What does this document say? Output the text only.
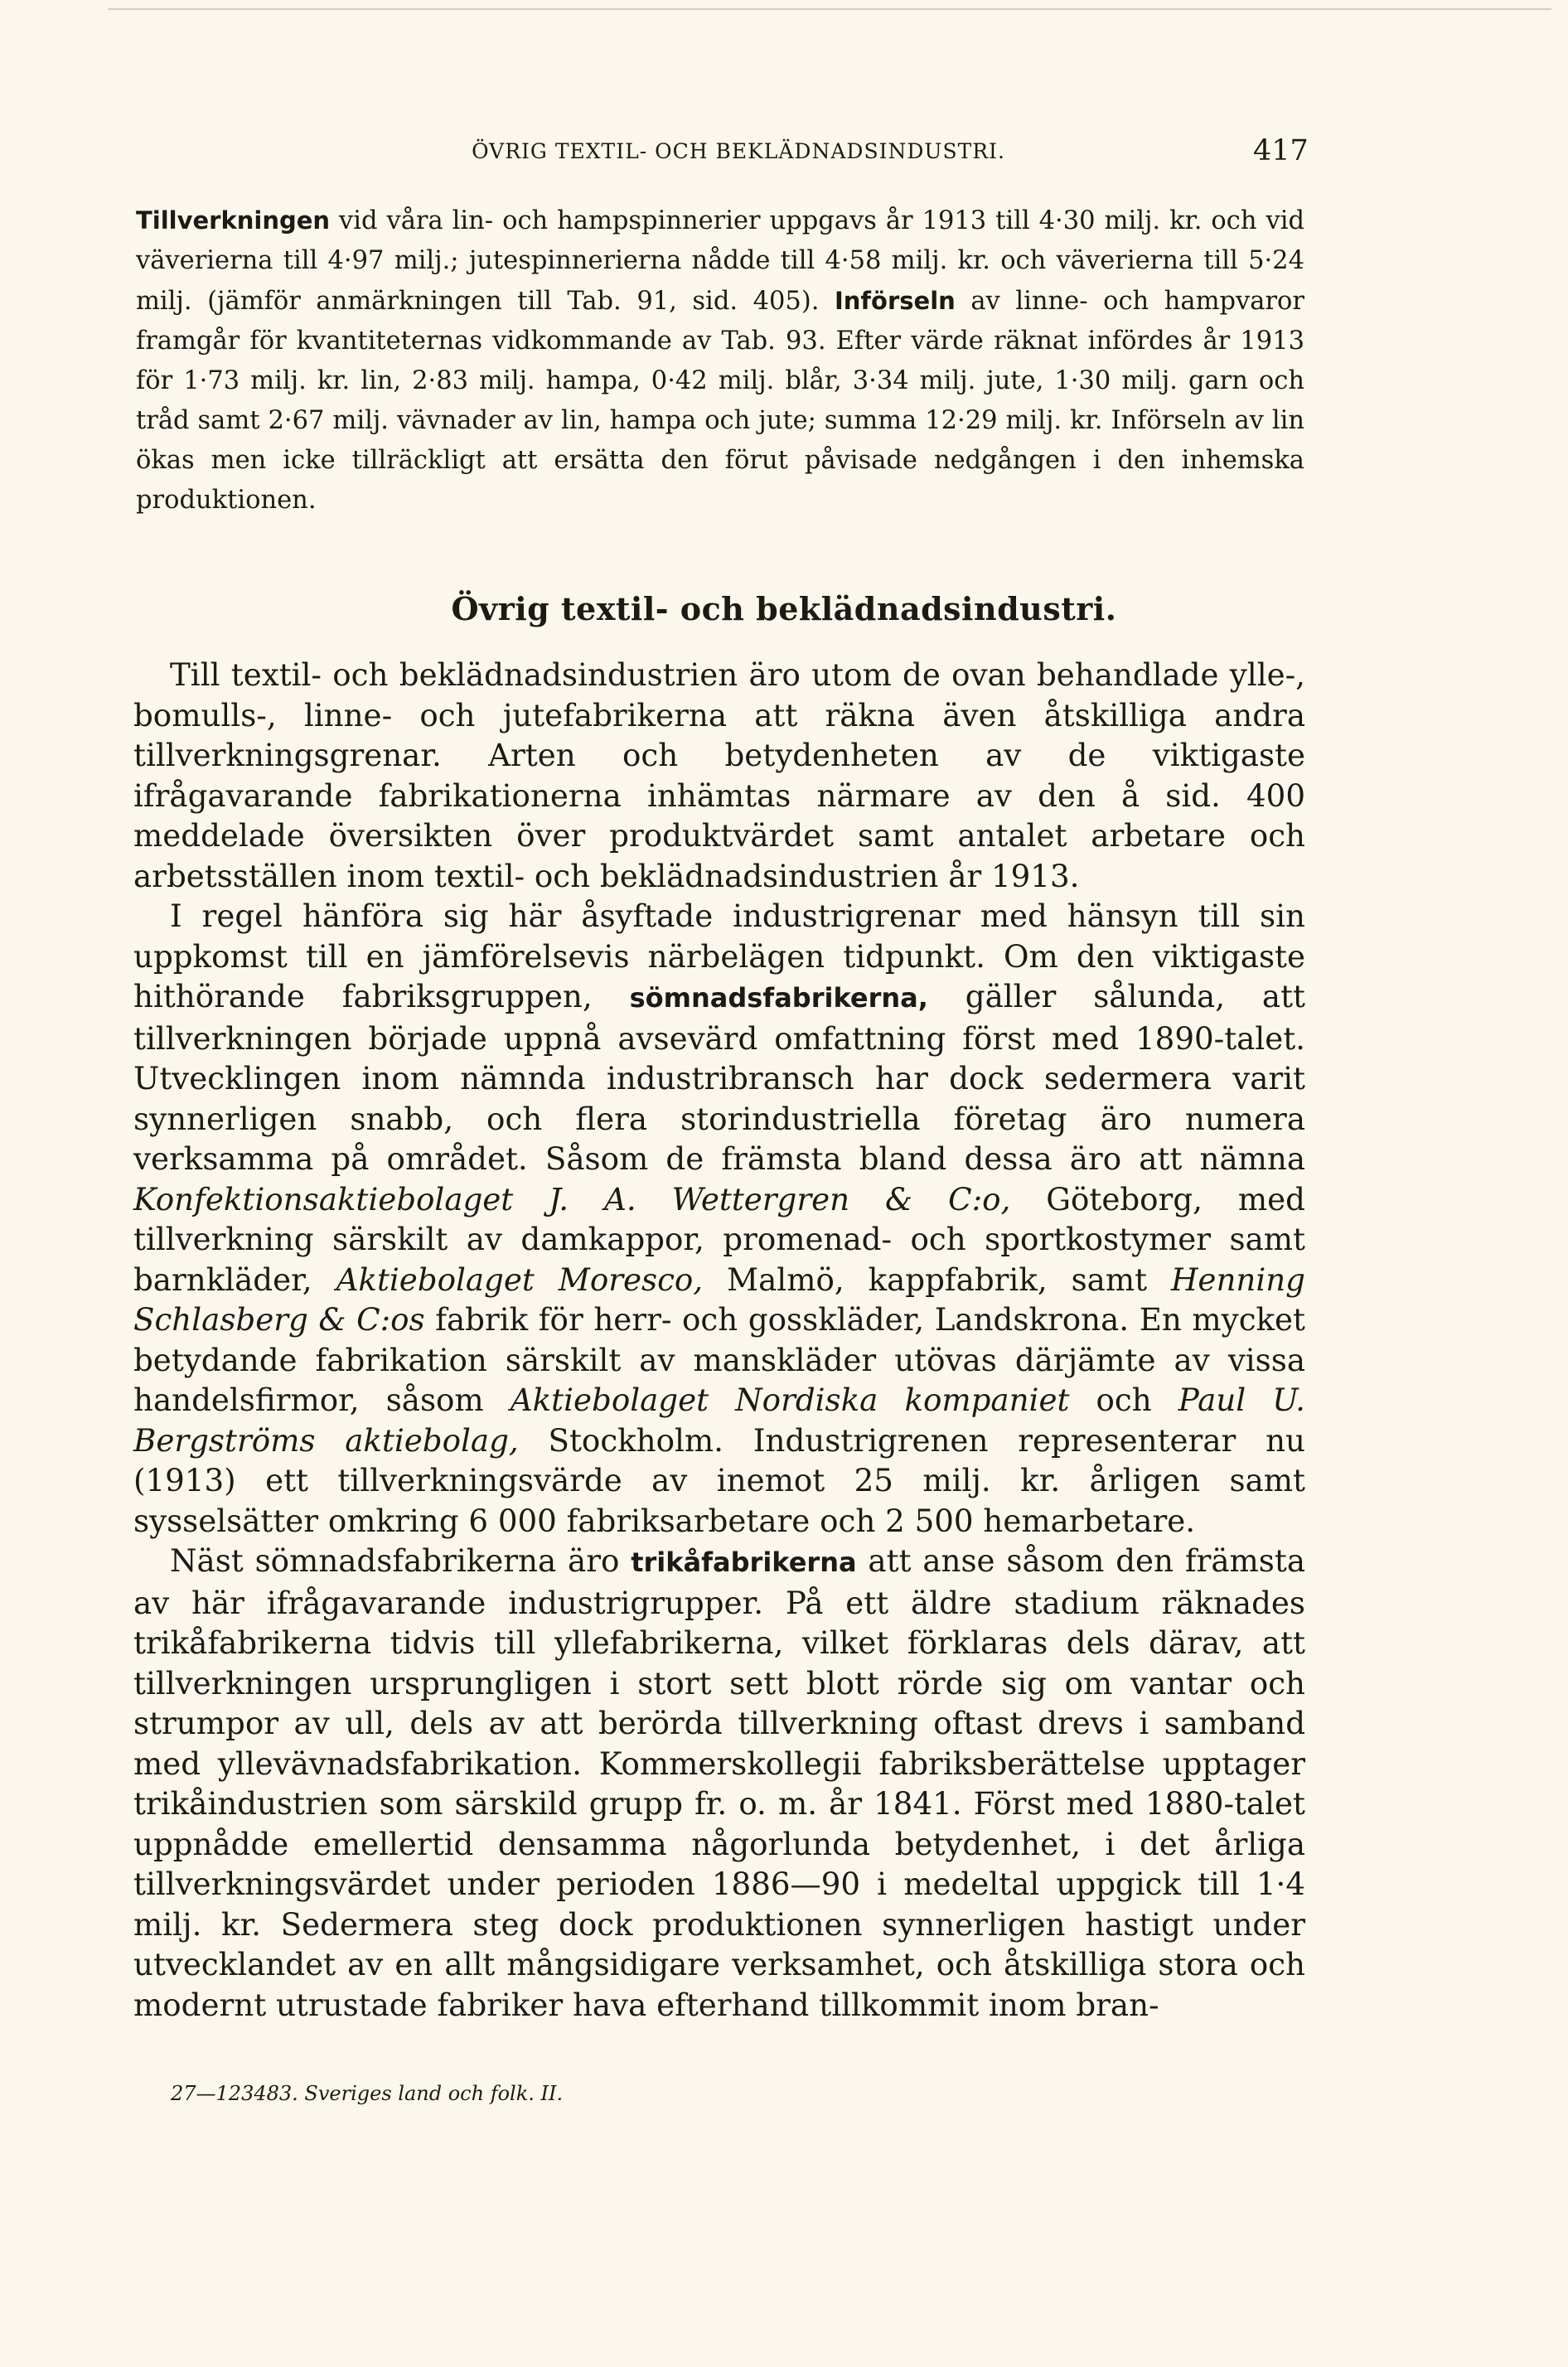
ÖVRIG TEXTIL- OCH BEKLÄDNADSINDUSTRI.	417

Tillverkningen vid våra lin- och hampspinnerier uppgavs år 1913 till 4·30 milj. kr. och vid väverierna till 4·97 milj.; jutespinnerierna nådde till 4·58 milj. kr. och väverierna till 5·24 milj. (jämför anmärkningen till Tab. 91, sid. 405). Införseln av linne- och hampvaror framgår för kvantiteternas vidkommande av Tab. 93. Efter värde räknat infördes år 1913 för 1·73 milj. kr. lin, 2·83 milj. hampa, 0·42 milj. blår, 3·34 milj. jute, 1·30 milj. garn och tråd samt 2·67 milj. vävnader av lin, hampa och jute; summa 12·29 milj. kr. Införseln av lin ökas men icke tillräckligt att ersätta den förut påvisade nedgången i den inhemska produktionen.

Övrig textil- och beklädnadsindustri.

Till textil- och beklädnadsindustrien äro utom de ovan behandlade ylle-, bomulls-, linne- och jutefabrikerna att räkna även åtskilliga andra tillverkningsgrenar. Arten och betydenheten av de viktigaste ifrågavarande fabrikationerna inhämtas närmare av den å sid. 400 meddelade översikten över produktvärdet samt antalet arbetare och arbetsställen inom textil- och beklädnadsindustrien år 1913.

I regel hänföra sig här åsyftade industrigrenar med hänsyn till sin uppkomst till en jämförelsevis närbelägen tidpunkt. Om den viktigaste hithörande fabriksgruppen, sömnadsfabrikerna, gäller sålunda, att tillverkningen började uppnå avsevärd omfattning först med 1890-talet. Utvecklingen inom nämnda industribransch har dock sedermera varit synnerligen snabb, och flera storindustriella företag äro numera verksamma på området. Såsom de främsta bland dessa äro att nämna Konfektionsaktiebolaget J. A. Wettergren & C:o, Göteborg, med tillverkning särskilt av damkappor, promenad- och sportkostymer samt barnkläder, Aktiebolaget Moresco, Malmö, kappfabrik, samt Henning Schlasberg & C:os fabrik för herr- och gosskläder, Landskrona. En mycket betydande fabrikation särskilt av manskläder utövas därjämte av vissa handelsfirmor, såsom Aktiebolaget Nordiska kompaniet och Paul U. Bergströms aktiebolag, Stockholm. Industrigrenen representerar nu (1913) ett tillverkningsvärde av inemot 25 milj. kr. årligen samt sysselsätter omkring 6 000 fabriksarbetare och 2 500 hemarbetare.

Näst sömnadsfabrikerna äro trikåfabrikerna att anse såsom den främsta av här ifrågavarande industrigrupper. På ett äldre stadium räknades trikåfabrikerna tidvis till yllefabrikerna, vilket förklaras dels därav, att tillverkningen ursprungligen i stort sett blott rörde sig om vantar och strumpor av ull, dels av att berörda tillverkning oftast drevs i samband med yllevävnadsfabrikation. Kommerskollegii fabriksberättelse upptager trikåindustrien som särskild grupp fr. o. m. år 1841. Först med 1880-talet uppnådde emellertid densamma någorlunda betydenhet, i det årliga tillverkningsvärdet under perioden 1886—90 i medeltal uppgick till 1·4 milj. kr. Sedermera steg dock produktionen synnerligen hastigt under utvecklandet av en allt mångsidigare verksamhet, och åtskilliga stora och modernt utrustade fabriker hava efterhand tillkommit inom bran-

27—123483. Sveriges land och folk. II.
